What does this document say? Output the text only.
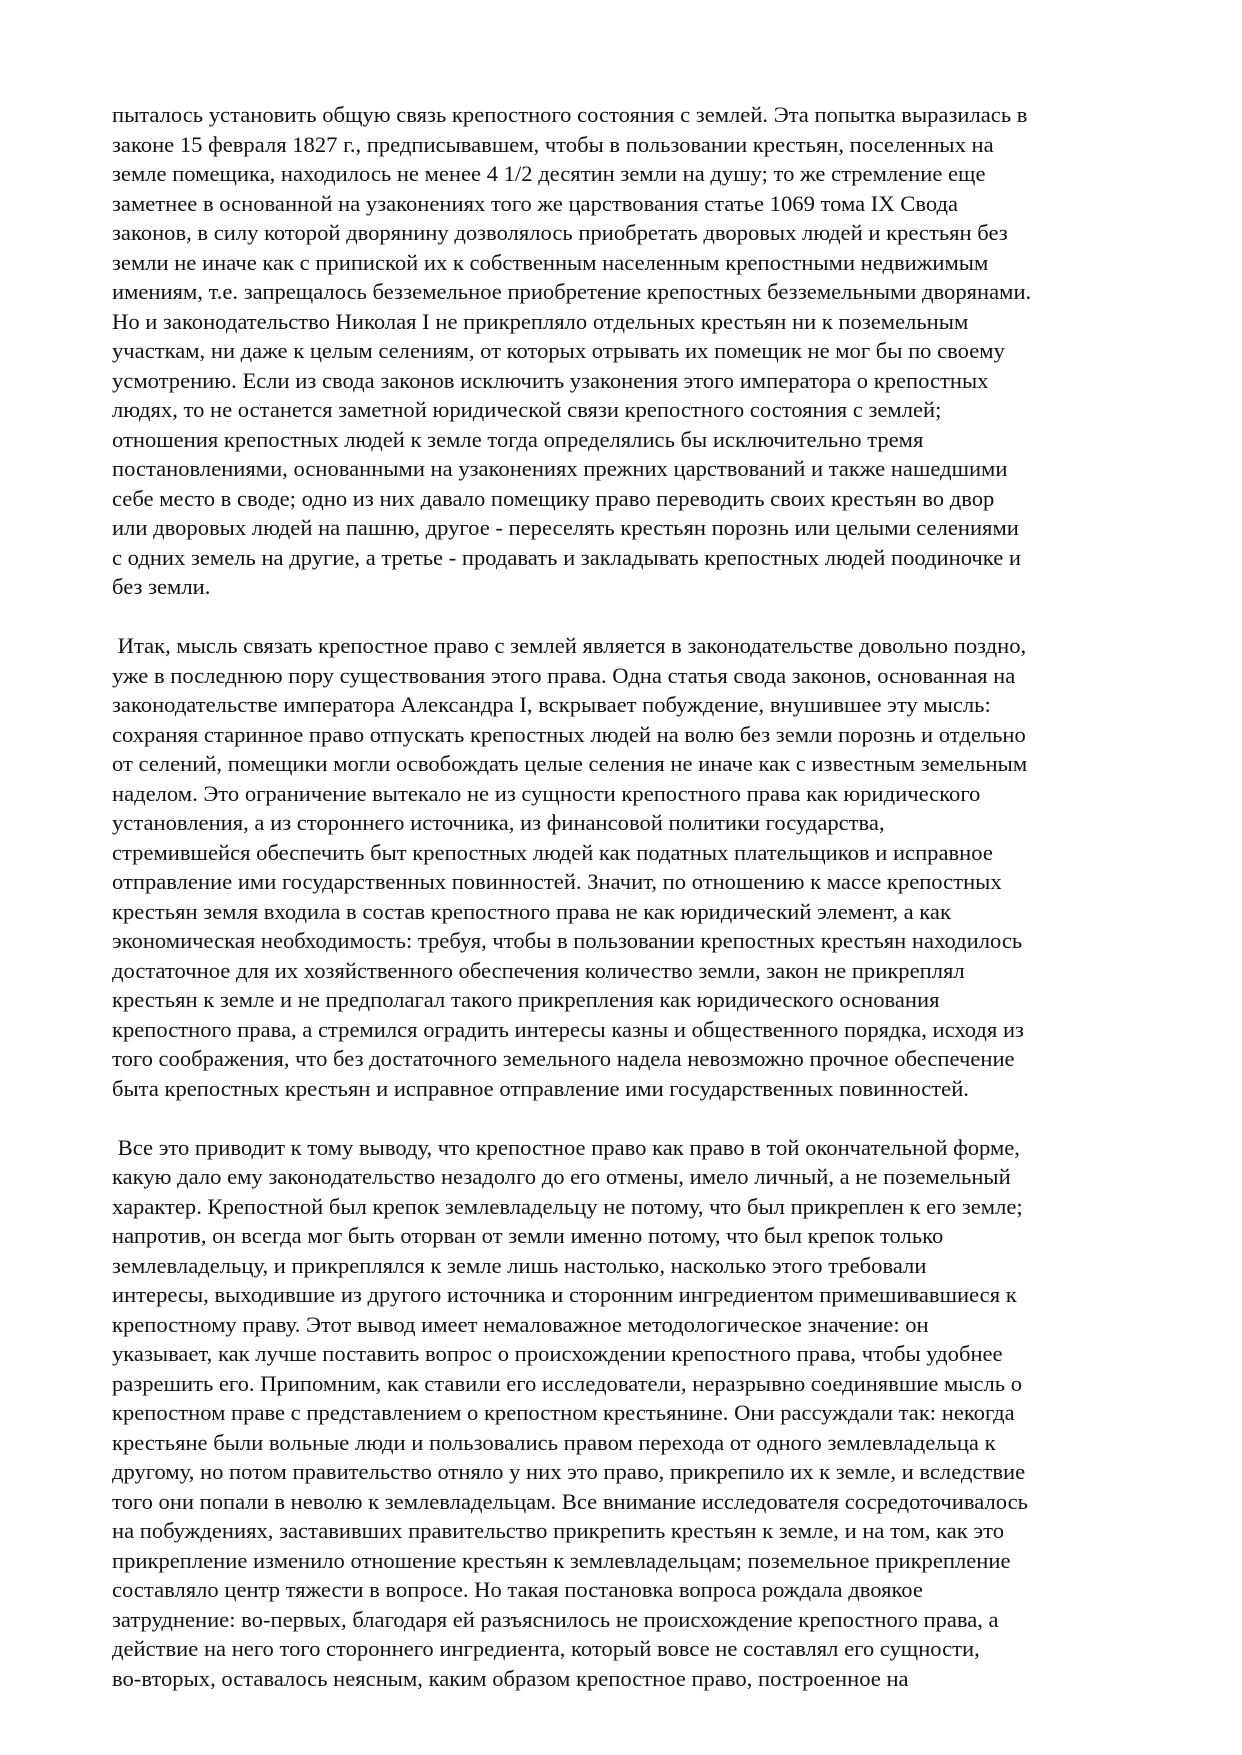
пыталось установить общую связь крепостного состояния с землей. Эта попытка выразилась в
законе 15 февраля 1827 г., предписывавшем, чтобы в пользовании крестьян, поселенных на
земле помещика, находилось не менее 4 1/2 десятин земли на душу; то же стремление еще
заметнее в основанной на узаконениях того же царствования статье 1069 тома IX Свода
законов, в силу которой дворянину дозволялось приобретать дворовых людей и крестьян без
земли не иначе как с припиской их к собственным населенным крепостными недвижимым
имениям, т.е. запрещалось безземельное приобретение крепостных безземельными дворянами.
Но и законодательство Николая I не прикрепляло отдельных крестьян ни к поземельным
участкам, ни даже к целым селениям, от которых отрывать их помещик не мог бы по своему
усмотрению. Если из свода законов исключить узаконения этого императора о крепостных
людях, то не останется заметной юридической связи крепостного состояния с землей;
отношения крепостных людей к земле тогда определялись бы исключительно тремя
постановлениями, основанными на узаконениях прежних царствований и также нашедшими
себе место в своде; одно из них давало помещику право переводить своих крестьян во двор
или дворовых людей на пашню, другое - переселять крестьян порознь или целыми селениями
с одних земель на другие, а третье - продавать и закладывать крепостных людей поодиночке и
без земли.
Итак, мысль связать крепостное право с землей является в законодательстве довольно поздно,
уже в последнюю пору существования этого права. Одна статья свода законов, основанная на
законодательстве императора Александра I, вскрывает побуждение, внушившее эту мысль:
сохраняя старинное право отпускать крепостных людей на волю без земли порознь и отдельно
от селений, помещики могли освобождать целые селения не иначе как с известным земельным
наделом. Это ограничение вытекало не из сущности крепостного права как юридического
установления, а из стороннего источника, из финансовой политики государства,
стремившейся обеспечить быт крепостных людей как податных плательщиков и исправное
отправление ими государственных повинностей. Значит, по отношению к массе крепостных
крестьян земля входила в состав крепостного права не как юридический элемент, а как
экономическая необходимость: требуя, чтобы в пользовании крепостных крестьян находилось
достаточное для их хозяйственного обеспечения количество земли, закон не прикреплял
крестьян к земле и не предполагал такого прикрепления как юридического основания
крепостного права, а стремился оградить интересы казны и общественного порядка, исходя из
того соображения, что без достаточного земельного надела невозможно прочное обеспечение
быта крепостных крестьян и исправное отправление ими государственных повинностей.
Все это приводит к тому выводу, что крепостное право как право в той окончательной форме,
какую дало ему законодательство незадолго до его отмены, имело личный, а не поземельный
характер. Крепостной был крепок землевладельцу не потому, что был прикреплен к его земле;
напротив, он всегда мог быть оторван от земли именно потому, что был крепок только
землевладельцу, и прикреплялся к земле лишь настолько, насколько этого требовали
интересы, выходившие из другого источника и сторонним ингредиентом примешивавшиеся к
крепостному праву. Этот вывод имеет немаловажное методологическое значение: он
указывает, как лучше поставить вопрос о происхождении крепостного права, чтобы удобнее
разрешить его. Припомним, как ставили его исследователи, неразрывно соединявшие мысль о
крепостном праве с представлением о крепостном крестьянине. Они рассуждали так: некогда
крестьяне были вольные люди и пользовались правом перехода от одного землевладельца к
другому, но потом правительство отняло у них это право, прикрепило их к земле, и вследствие
того они попали в неволю к землевладельцам. Все внимание исследователя сосредоточивалось
на побуждениях, заставивших правительство прикрепить крестьян к земле, и на том, как это
прикрепление изменило отношение крестьян к землевладельцам; поземельное прикрепление
составляло центр тяжести в вопросе. Но такая постановка вопроса рождала двоякое
затруднение: во-первых, благодаря ей разъяснилось не происхождение крепостного права, а
действие на него того стороннего ингредиента, который вовсе не составлял его сущности,
во-вторых, оставалось неясным, каким образом крепостное право, построенное на
